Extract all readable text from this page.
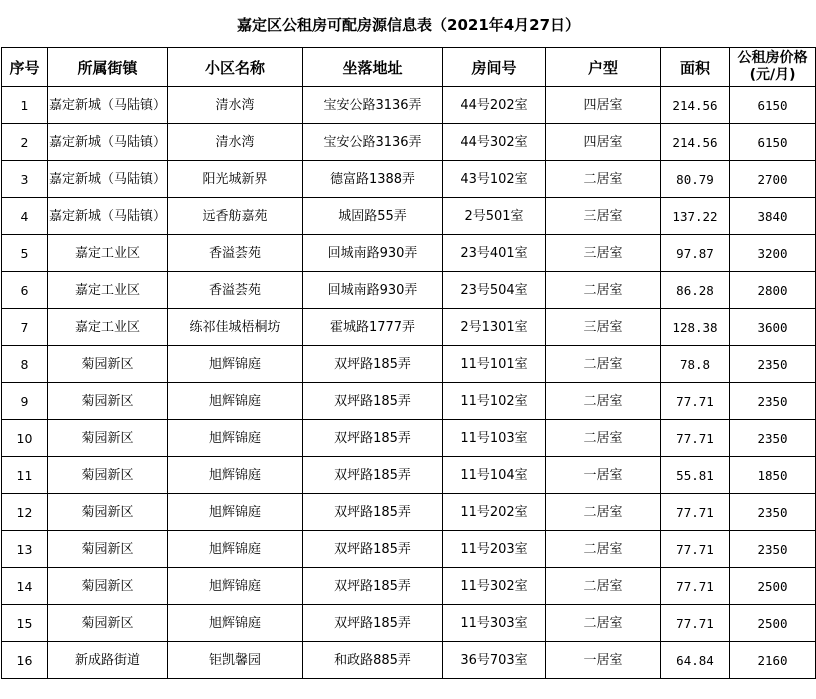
嘉定区公租房可配房源信息表（2021年4月27日）							
序号	所属街镇	小区名称	坐落地址	房间号	户型	面积	公租房价格(元/月)
1	嘉定新城（马陆镇）	清水湾	宝安公路3136弄	44号202室	四居室	214.56	6150
2	嘉定新城（马陆镇）	清水湾	宝安公路3136弄	44号302室	四居室	214.56	6150
3	嘉定新城（马陆镇）	阳光城新界	德富路1388弄	43号102室	二居室	80.79	2700
4	嘉定新城（马陆镇）	远香舫嘉苑	城固路55弄	2号501室	三居室	137.22	3840
5	嘉定工业区	香溢荟苑	回城南路930弄	23号401室	三居室	97.87	3200
6	嘉定工业区	香溢荟苑	回城南路930弄	23号504室	二居室	86.28	2800
7	嘉定工业区	练祁佳城梧桐坊	霍城路1777弄	2号1301室	三居室	128.38	3600
8	菊园新区	旭辉锦庭	双坪路185弄	11号101室	二居室	78.8	2350
9	菊园新区	旭辉锦庭	双坪路185弄	11号102室	二居室	77.71	2350
10	菊园新区	旭辉锦庭	双坪路185弄	11号103室	二居室	77.71	2350
11	菊园新区	旭辉锦庭	双坪路185弄	11号104室	一居室	55.81	1850
12	菊园新区	旭辉锦庭	双坪路185弄	11号202室	二居室	77.71	2350
13	菊园新区	旭辉锦庭	双坪路185弄	11号203室	二居室	77.71	2350
14	菊园新区	旭辉锦庭	双坪路185弄	11号302室	二居室	77.71	2500
15	菊园新区	旭辉锦庭	双坪路185弄	11号303室	二居室	77.71	2500
16	新成路街道	钜凯馨园	和政路885弄	36号703室	一居室	64.84	2160
